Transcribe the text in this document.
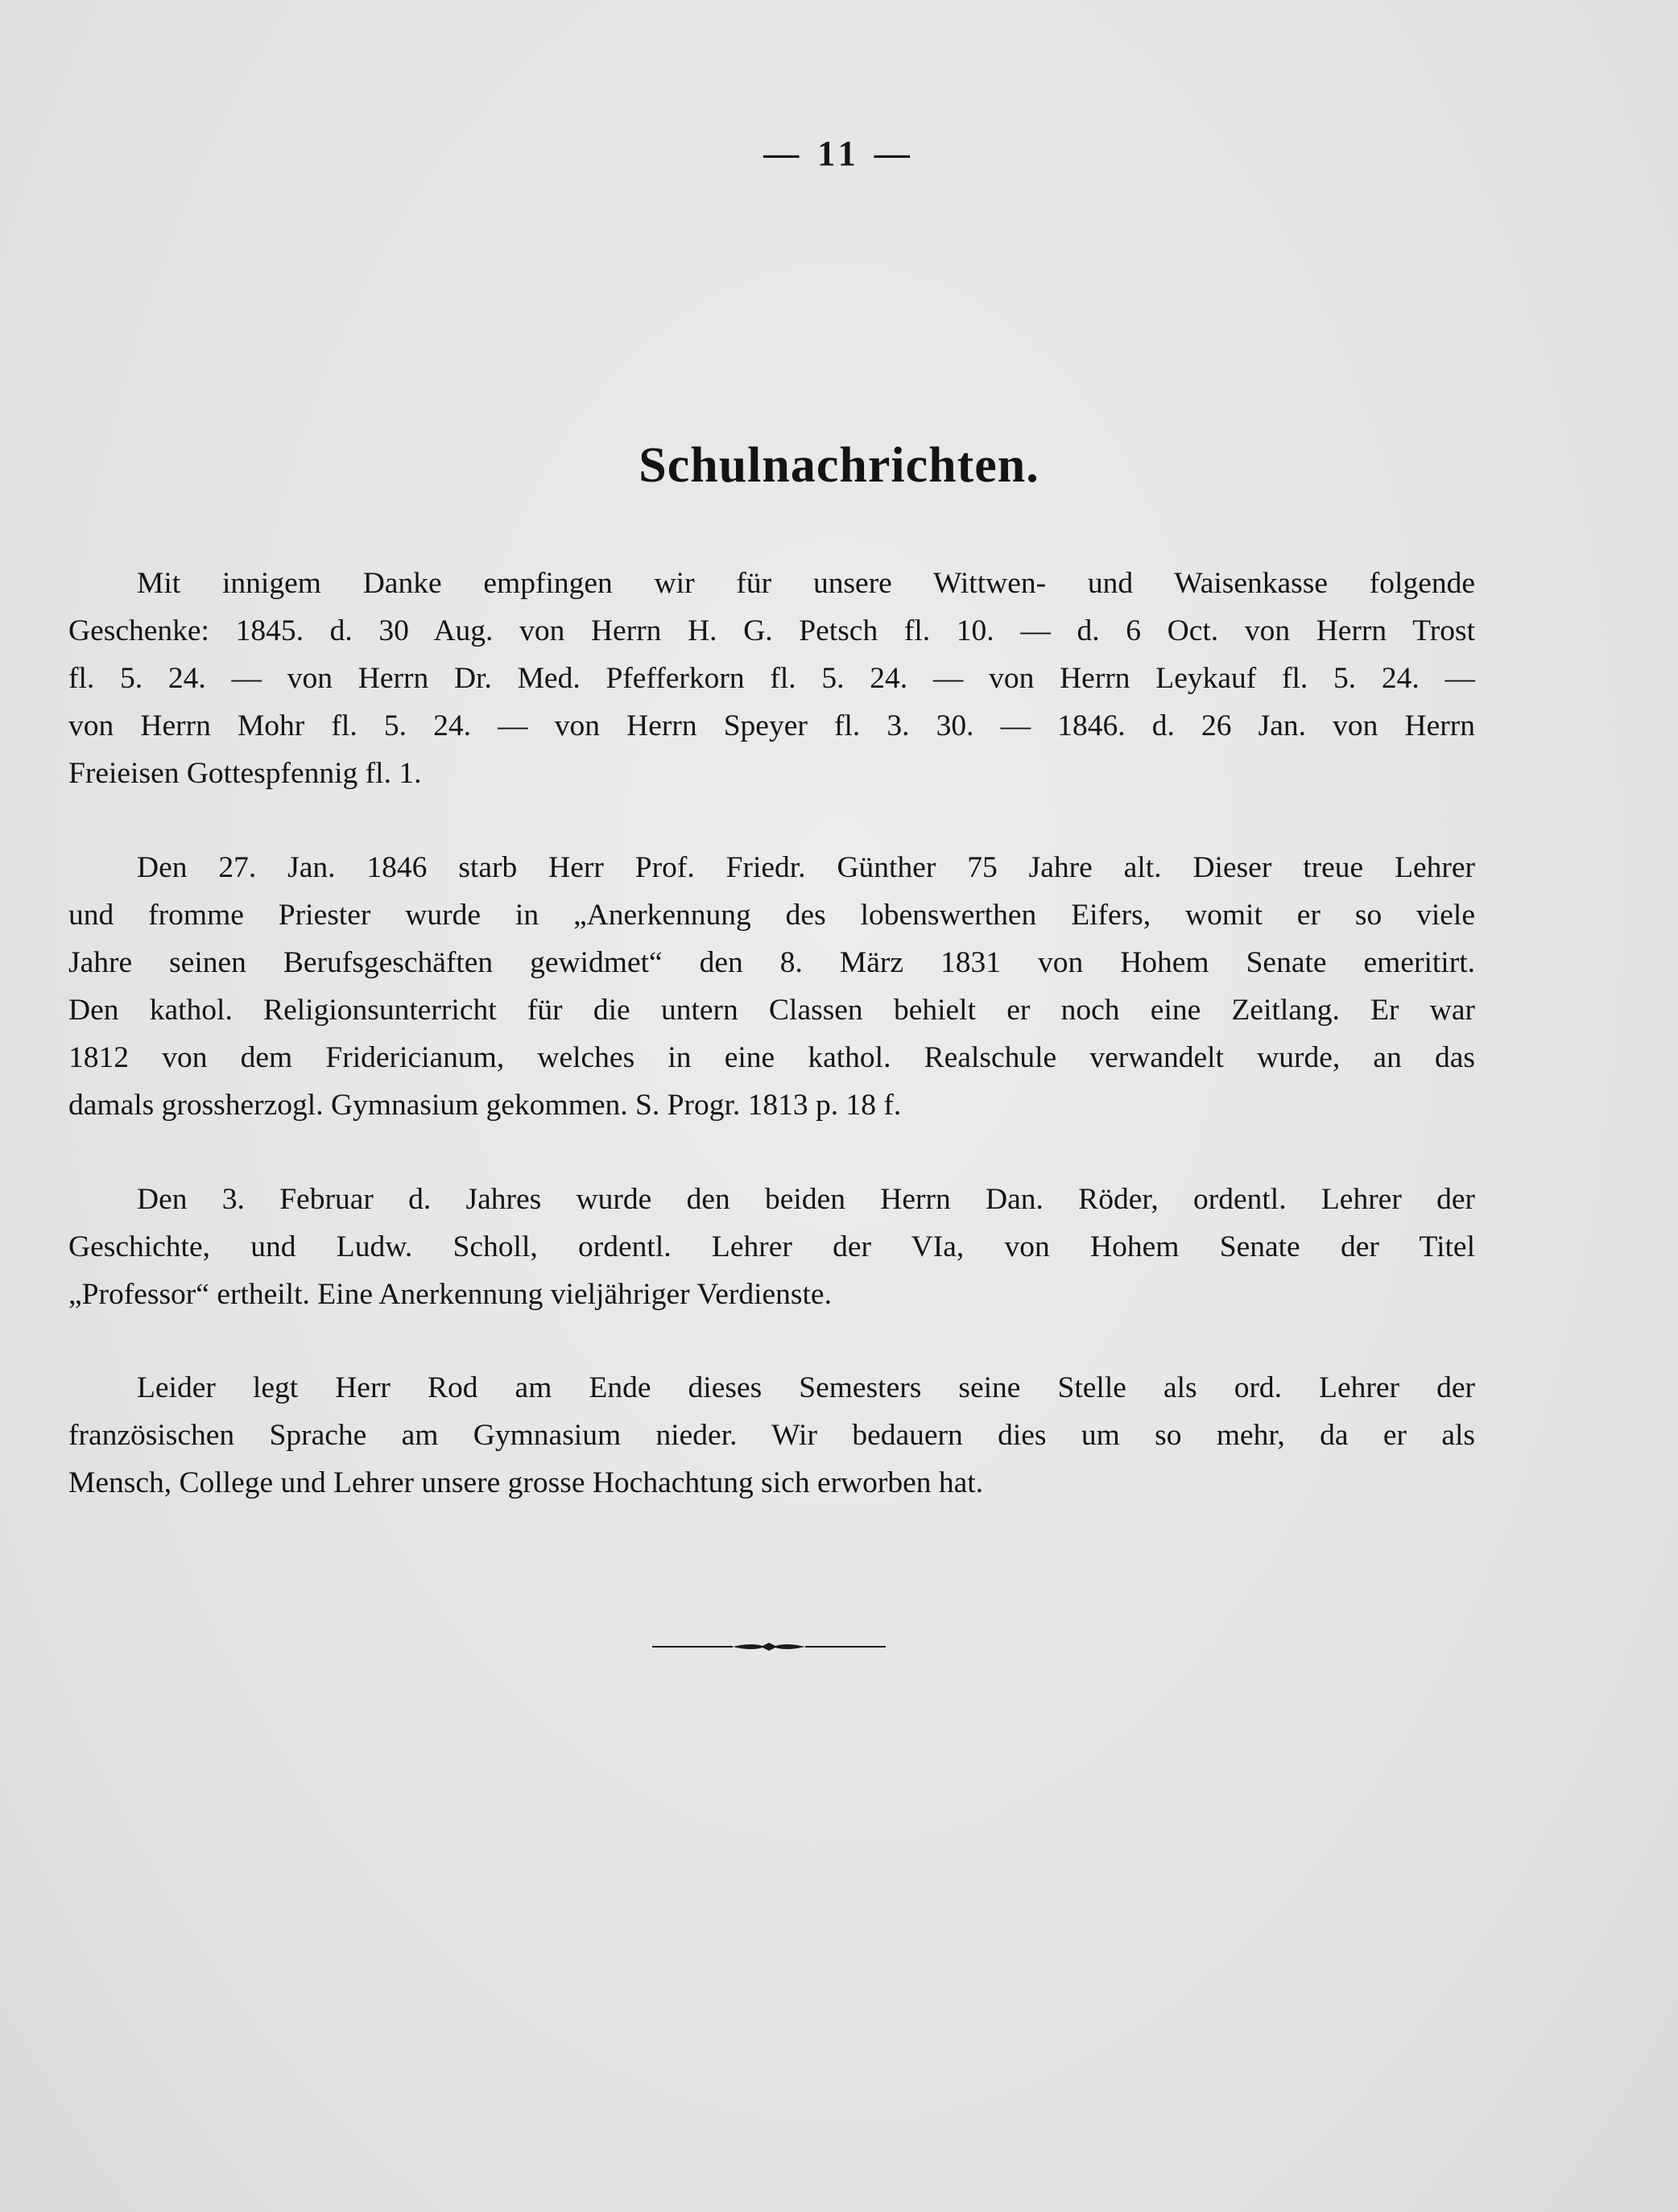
— 11 —
Schulnachrichten.
Mit innigem Danke empfingen wir für unsere Wittwen- und Waisenkasse folgende
Geschenke: 1845. d. 30 Aug. von Herrn H. G. Petsch fl. 10. — d. 6 Oct. von Herrn Trost
fl. 5. 24. — von Herrn Dr. Med. Pfefferkorn fl. 5. 24. — von Herrn Leykauf fl. 5. 24. —
von Herrn Mohr fl. 5. 24. — von Herrn Speyer fl. 3. 30. — 1846. d. 26 Jan. von Herrn
Freieisen Gottespfennig fl. 1.
Den 27. Jan. 1846 starb Herr Prof. Friedr. Günther 75 Jahre alt. Dieser treue Lehrer
und fromme Priester wurde in „Anerkennung des lobenswerthen Eifers, womit er so viele
Jahre seinen Berufsgeschäften gewidmet“ den 8. März 1831 von Hohem Senate emeritirt.
Den kathol. Religionsunterricht für die untern Classen behielt er noch eine Zeitlang. Er war
1812 von dem Fridericianum, welches in eine kathol. Realschule verwandelt wurde, an das
damals grossherzogl. Gymnasium gekommen. S. Progr. 1813 p. 18 f.
Den 3. Februar d. Jahres wurde den beiden Herrn Dan. Röder, ordentl. Lehrer der
Geschichte, und Ludw. Scholl, ordentl. Lehrer der VIa, von Hohem Senate der Titel
„Professor“ ertheilt. Eine Anerkennung vieljähriger Verdienste.
Leider legt Herr Rod am Ende dieses Semesters seine Stelle als ord. Lehrer der
französischen Sprache am Gymnasium nieder. Wir bedauern dies um so mehr, da er als
Mensch, College und Lehrer unsere grosse Hochachtung sich erworben hat.
